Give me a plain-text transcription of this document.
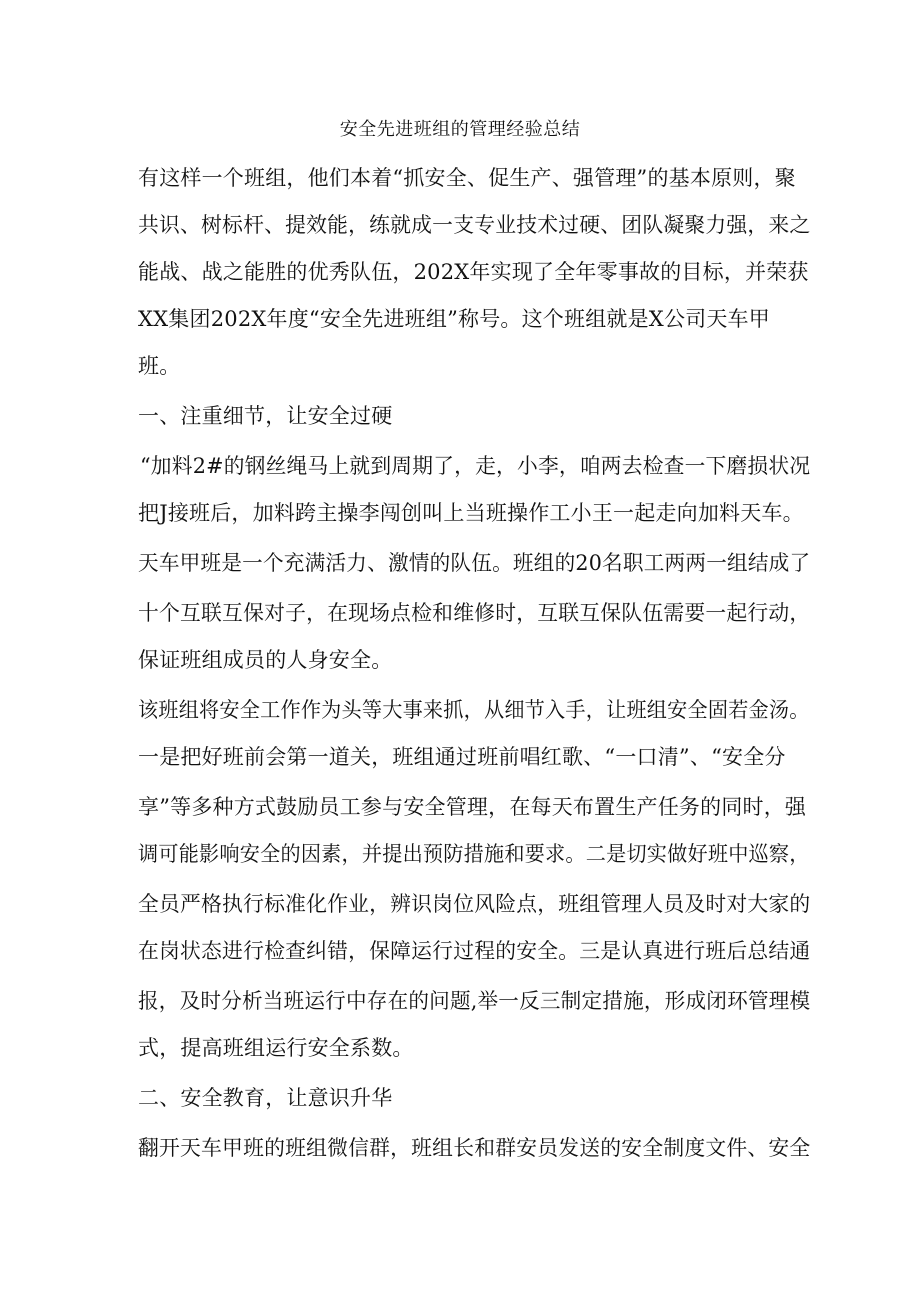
安全先进班组的管理经验总结
有这样一个班组，他们本着“抓安全、促生产、强管理”的基本原则，聚
共识、树标杆、提效能，练就成一支专业技术过硬、团队凝聚力强，来之
能战、战之能胜的优秀队伍，202X年实现了全年零事故的目标，并荣获
XX集团202X年度“安全先进班组”称号。这个班组就是X公司天车甲
班。
一、注重细节，让安全过硬
“加料2#的钢丝绳马上就到周期了，走，小李，咱两去检查一下磨损状况
把J接班后，加料跨主操李闯创叫上当班操作工小王一起走向加料天车。
天车甲班是一个充满活力、激情的队伍。班组的20名职工两两一组结成了
十个互联互保对子，在现场点检和维修时，互联互保队伍需要一起行动，
保证班组成员的人身安全。
该班组将安全工作作为头等大事来抓，从细节入手，让班组安全固若金汤。
一是把好班前会第一道关，班组通过班前唱红歌、“一口清”、“安全分
享”等多种方式鼓励员工参与安全管理，在每天布置生产任务的同时，强
调可能影响安全的因素，并提出预防措施和要求。二是切实做好班中巡察，
全员严格执行标准化作业，辨识岗位风险点，班组管理人员及时对大家的
在岗状态进行检查纠错，保障运行过程的安全。三是认真进行班后总结通
报，及时分析当班运行中存在的问题,举一反三制定措施，形成闭环管理模
式，提高班组运行安全系数。
二、安全教育，让意识升华
翻开天车甲班的班组微信群，班组长和群安员发送的安全制度文件、安全
